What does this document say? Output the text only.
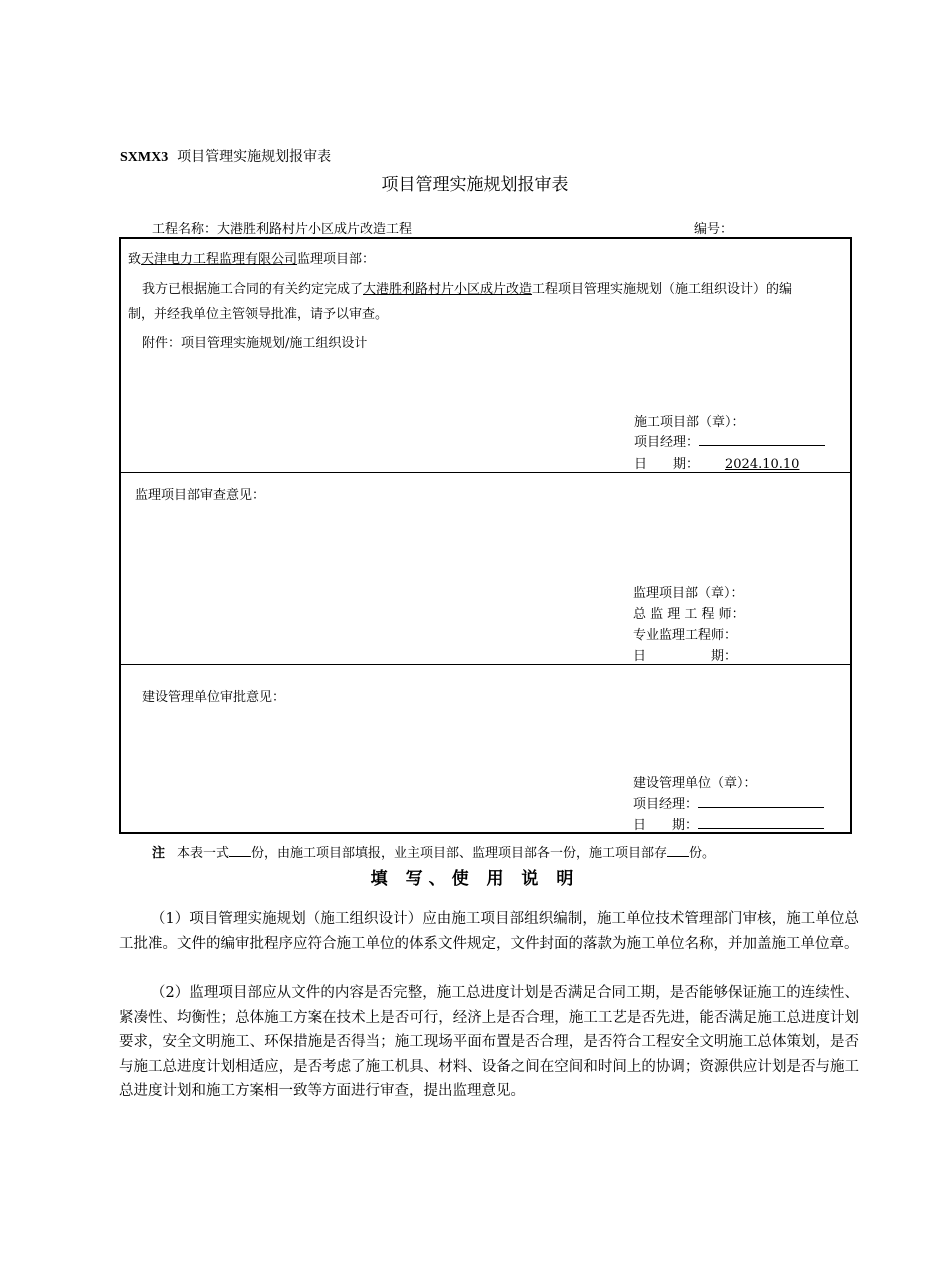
SXMX3 项目管理实施规划报审表
项目管理实施规划报审表
工程名称：大港胜利路村片小区成片改造工程	编号：
致天津电力工程监理有限公司监理项目部：
我方已根据施工合同的有关约定完成了大港胜利路村片小区成片改造工程项目管理实施规划（施工组织设计）的编
制，并经我单位主管领导批准，请予以审查。
附件：项目管理实施规划/施工组织设计
施工项目部（章）：
项目经理：
日　　期： 2024.10.10
监理项目部审查意见：
监理项目部（章）：
总 监 理 工 程 师：
专业监理工程师：
日　　　　　期：
建设管理单位审批意见：
建设管理单位（章）：
项目经理：
日　　期：
注 本表一式 份，由施工项目部填报，业主项目部、监理项目部各一份，施工项目部存 份。
填 写、使 用 说 明
（1）项目管理实施规划（施工组织设计）应由施工项目部组织编制，施工单位技术管理部门审核，施工单位总工批准。文件的编审批程序应符合施工单位的体系文件规定，文件封面的落款为施工单位名称，并加盖施工单位章。
（2）监理项目部应从文件的内容是否完整，施工总进度计划是否满足合同工期，是否能够保证施工的连续性、紧凑性、均衡性；总体施工方案在技术上是否可行，经济上是否合理，施工工艺是否先进，能否满足施工总进度计划要求，安全文明施工、环保措施是否得当；施工现场平面布置是否合理，是否符合工程安全文明施工总体策划，是否与施工总进度计划相适应，是否考虑了施工机具、材料、设备之间在空间和时间上的协调；资源供应计划是否与施工总进度计划和施工方案相一致等方面进行审查，提出监理意见。
